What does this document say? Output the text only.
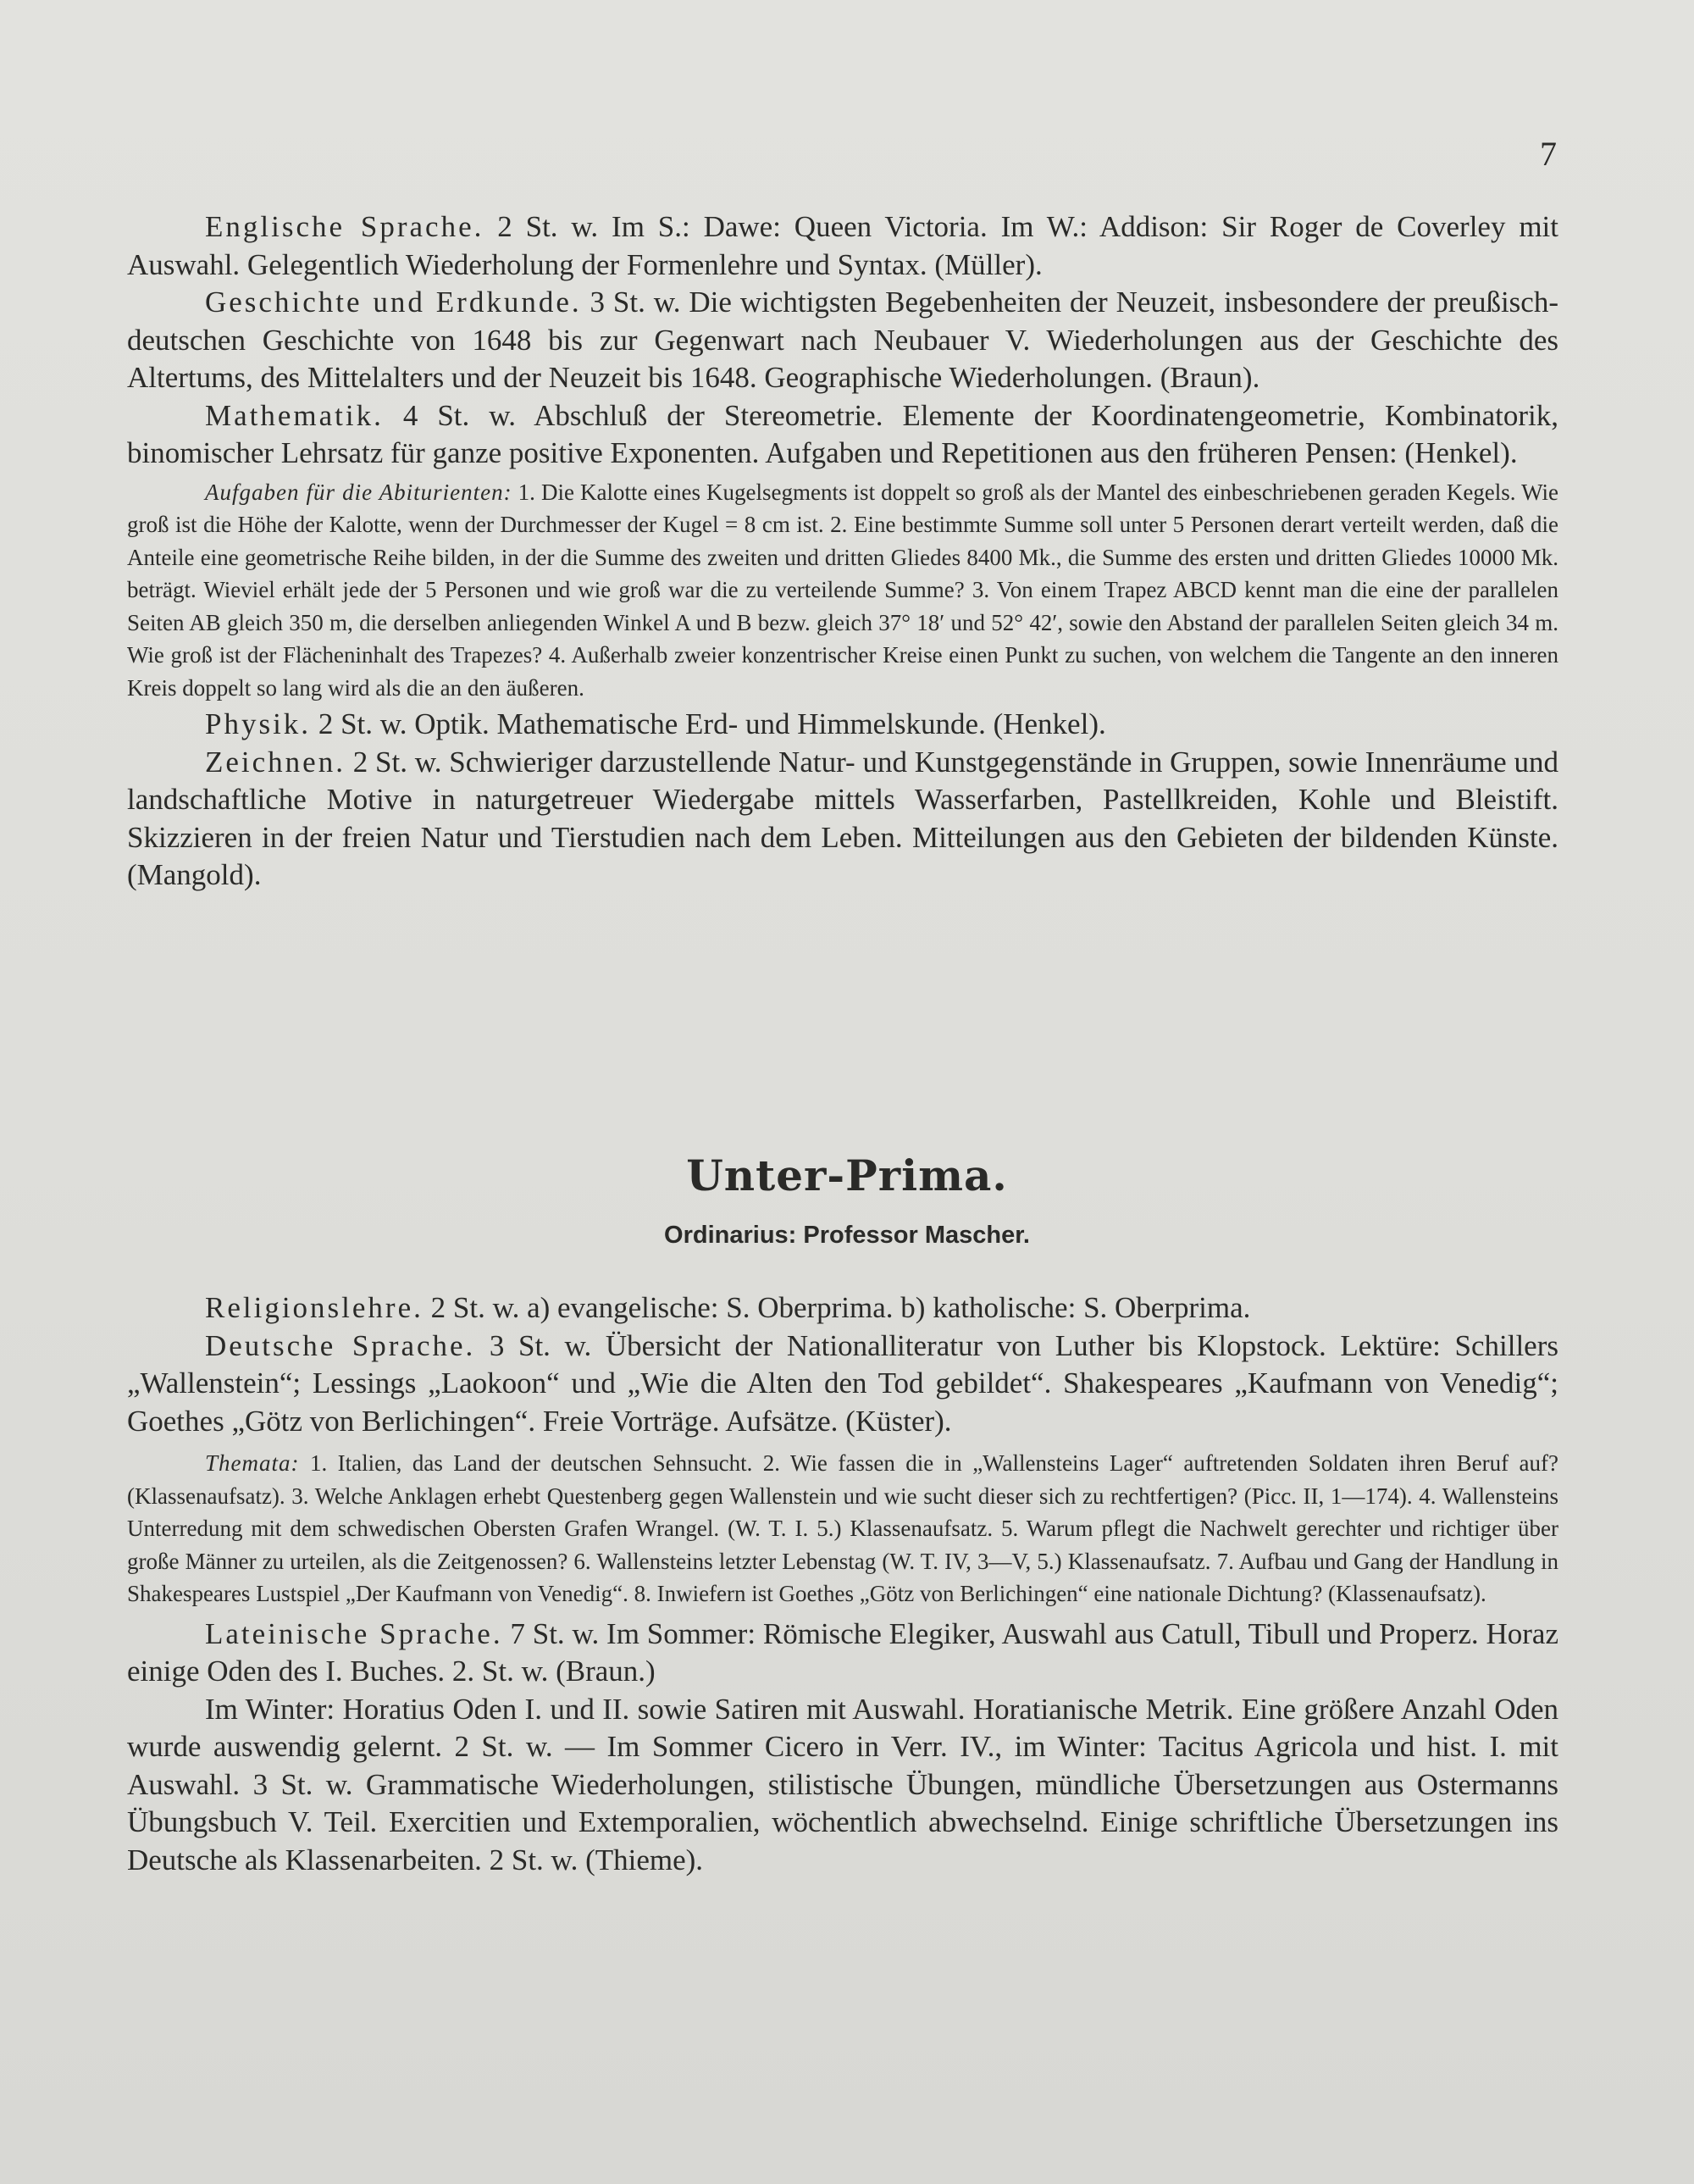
7

Englische Sprache. 2 St. w. Im S.: Dawe: Queen Victoria. Im W.: Addison: Sir Roger de Coverley mit Auswahl. Gelegentlich Wiederholung der Formenlehre und Syntax. (Müller).

Geschichte und Erdkunde. 3 St. w. Die wichtigsten Begebenheiten der Neuzeit, insbesondere der preußisch-deutschen Geschichte von 1648 bis zur Gegenwart nach Neubauer V. Wiederholungen aus der Geschichte des Altertums, des Mittelalters und der Neuzeit bis 1648. Geographische Wiederholungen. (Braun).

Mathematik. 4 St. w. Abschluß der Stereometrie. Elemente der Koordinatengeometrie, Kombinatorik, binomischer Lehrsatz für ganze positive Exponenten. Aufgaben und Repetitionen aus den früheren Pensen: (Henkel).

Aufgaben für die Abiturienten: 1. Die Kalotte eines Kugelsegments ist doppelt so groß als der Mantel des einbeschriebenen geraden Kegels. Wie groß ist die Höhe der Kalotte, wenn der Durchmesser der Kugel = 8 cm ist. 2. Eine bestimmte Summe soll unter 5 Personen derart verteilt werden, daß die Anteile eine geometrische Reihe bilden, in der die Summe des zweiten und dritten Gliedes 8400 Mk., die Summe des ersten und dritten Gliedes 10000 Mk. beträgt. Wieviel erhält jede der 5 Personen und wie groß war die zu verteilende Summe? 3. Von einem Trapez ABCD kennt man die eine der parallelen Seiten AB gleich 350 m, die derselben anliegenden Winkel A und B bezw. gleich 37° 18′ und 52° 42′, sowie den Abstand der parallelen Seiten gleich 34 m. Wie groß ist der Flächeninhalt des Trapezes? 4. Außerhalb zweier konzentrischer Kreise einen Punkt zu suchen, von welchem die Tangente an den inneren Kreis doppelt so lang wird als die an den äußeren.

Physik. 2 St. w. Optik. Mathematische Erd- und Himmelskunde. (Henkel).

Zeichnen. 2 St. w. Schwieriger darzustellende Natur- und Kunstgegenstände in Gruppen, sowie Innenräume und landschaftliche Motive in naturgetreuer Wiedergabe mittels Wasserfarben, Pastellkreiden, Kohle und Bleistift. Skizzieren in der freien Natur und Tierstudien nach dem Leben. Mitteilungen aus den Gebieten der bildenden Künste. (Mangold).

Unter-Prima.
Ordinarius: Professor Mascher.

Religionslehre. 2 St. w. a) evangelische: S. Oberprima. b) katholische: S. Oberprima.

Deutsche Sprache. 3 St. w. Übersicht der Nationalliteratur von Luther bis Klopstock. Lektüre: Schillers „Wallenstein“; Lessings „Laokoon“ und „Wie die Alten den Tod gebildet“. Shakespeares „Kaufmann von Venedig“; Goethes „Götz von Berlichingen“. Freie Vorträge. Aufsätze. (Küster).

Themata: 1. Italien, das Land der deutschen Sehnsucht. 2. Wie fassen die in „Wallensteins Lager“ auftretenden Soldaten ihren Beruf auf? (Klassenaufsatz). 3. Welche Anklagen erhebt Questenberg gegen Wallenstein und wie sucht dieser sich zu rechtfertigen? (Picc. II, 1—174). 4. Wallensteins Unterredung mit dem schwedischen Obersten Grafen Wrangel. (W. T. I. 5.) Klassenaufsatz. 5. Warum pflegt die Nachwelt gerechter und richtiger über große Männer zu urteilen, als die Zeitgenossen? 6. Wallensteins letzter Lebenstag (W. T. IV, 3—V, 5.) Klassenaufsatz. 7. Aufbau und Gang der Handlung in Shakespeares Lustspiel „Der Kaufmann von Venedig“. 8. Inwiefern ist Goethes „Götz von Berlichingen“ eine nationale Dichtung? (Klassenaufsatz).

Lateinische Sprache. 7 St. w. Im Sommer: Römische Elegiker, Auswahl aus Catull, Tibull und Properz. Horaz einige Oden des I. Buches. 2. St. w. (Braun.)

Im Winter: Horatius Oden I. und II. sowie Satiren mit Auswahl. Horatianische Metrik. Eine größere Anzahl Oden wurde auswendig gelernt. 2 St. w. — Im Sommer Cicero in Verr. IV., im Winter: Tacitus Agricola und hist. I. mit Auswahl. 3 St. w. Grammatische Wiederholungen, stilistische Übungen, mündliche Übersetzungen aus Ostermanns Übungsbuch V. Teil. Exercitien und Extemporalien, wöchentlich abwechselnd. Einige schriftliche Übersetzungen ins Deutsche als Klassenarbeiten. 2 St. w. (Thieme).
